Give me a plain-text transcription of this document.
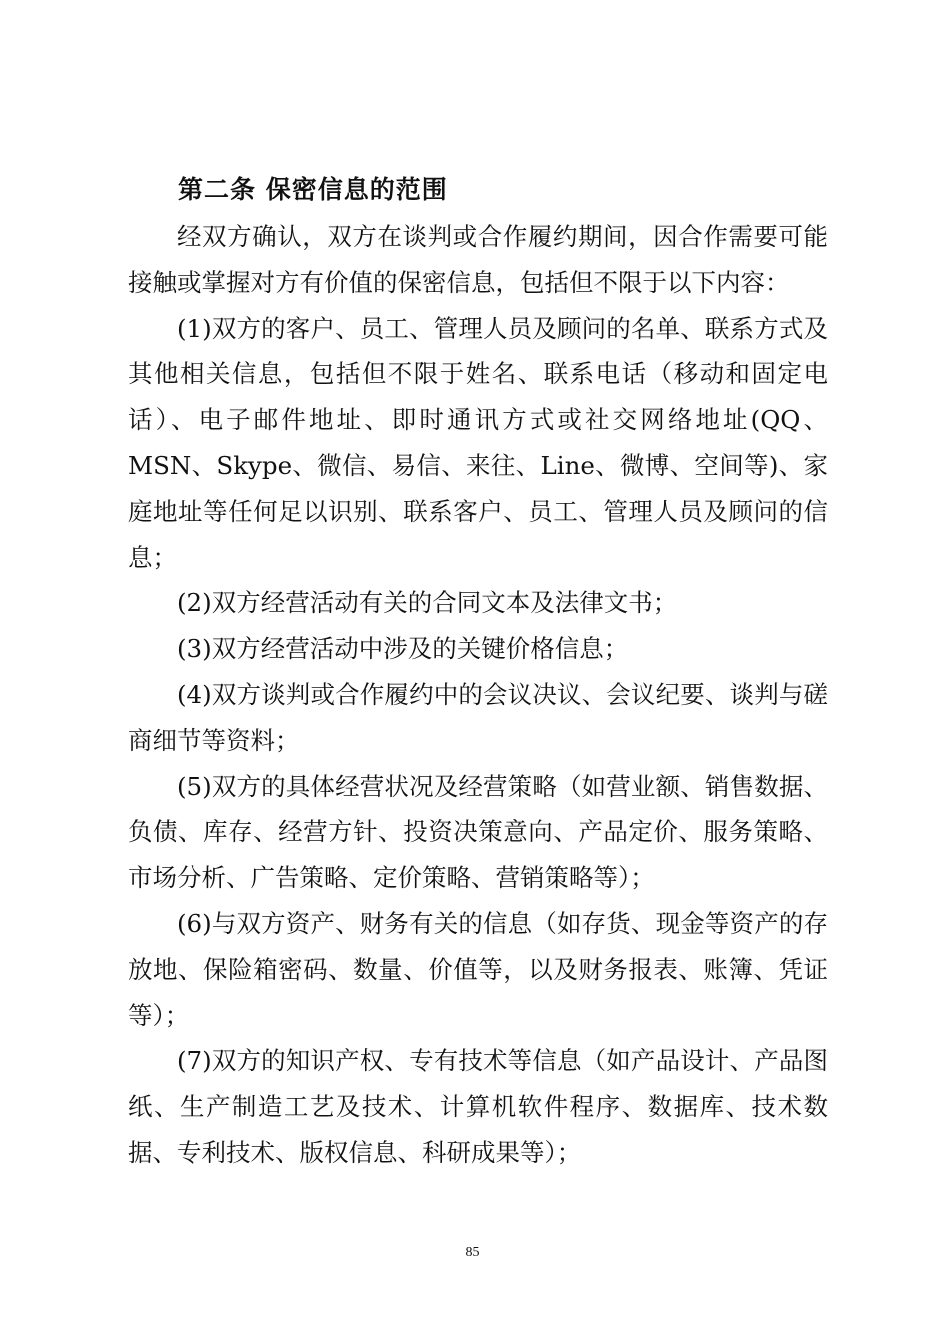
第二条 保密信息的范围

经双方确认，双方在谈判或合作履约期间，因合作需要可能接触或掌握对方有价值的保密信息，包括但不限于以下内容：

(1)双方的客户、员工、管理人员及顾问的名单、联系方式及其他相关信息，包括但不限于姓名、联系电话（移动和固定电话）、电子邮件地址、即时通讯方式或社交网络地址(QQ、MSN、Skype、微信、易信、来往、Line、微博、空间等)、家庭地址等任何足以识别、联系客户、员工、管理人员及顾问的信息；

(2)双方经营活动有关的合同文本及法律文书；

(3)双方经营活动中涉及的关键价格信息；

(4)双方谈判或合作履约中的会议决议、会议纪要、谈判与磋商细节等资料；

(5)双方的具体经营状况及经营策略（如营业额、销售数据、负债、库存、经营方针、投资决策意向、产品定价、服务策略、市场分析、广告策略、定价策略、营销策略等）；

(6)与双方资产、财务有关的信息（如存货、现金等资产的存放地、保险箱密码、数量、价值等，以及财务报表、账簿、凭证等）；

(7)双方的知识产权、专有技术等信息（如产品设计、产品图纸、生产制造工艺及技术、计算机软件程序、数据库、技术数据、专利技术、版权信息、科研成果等）；

85
